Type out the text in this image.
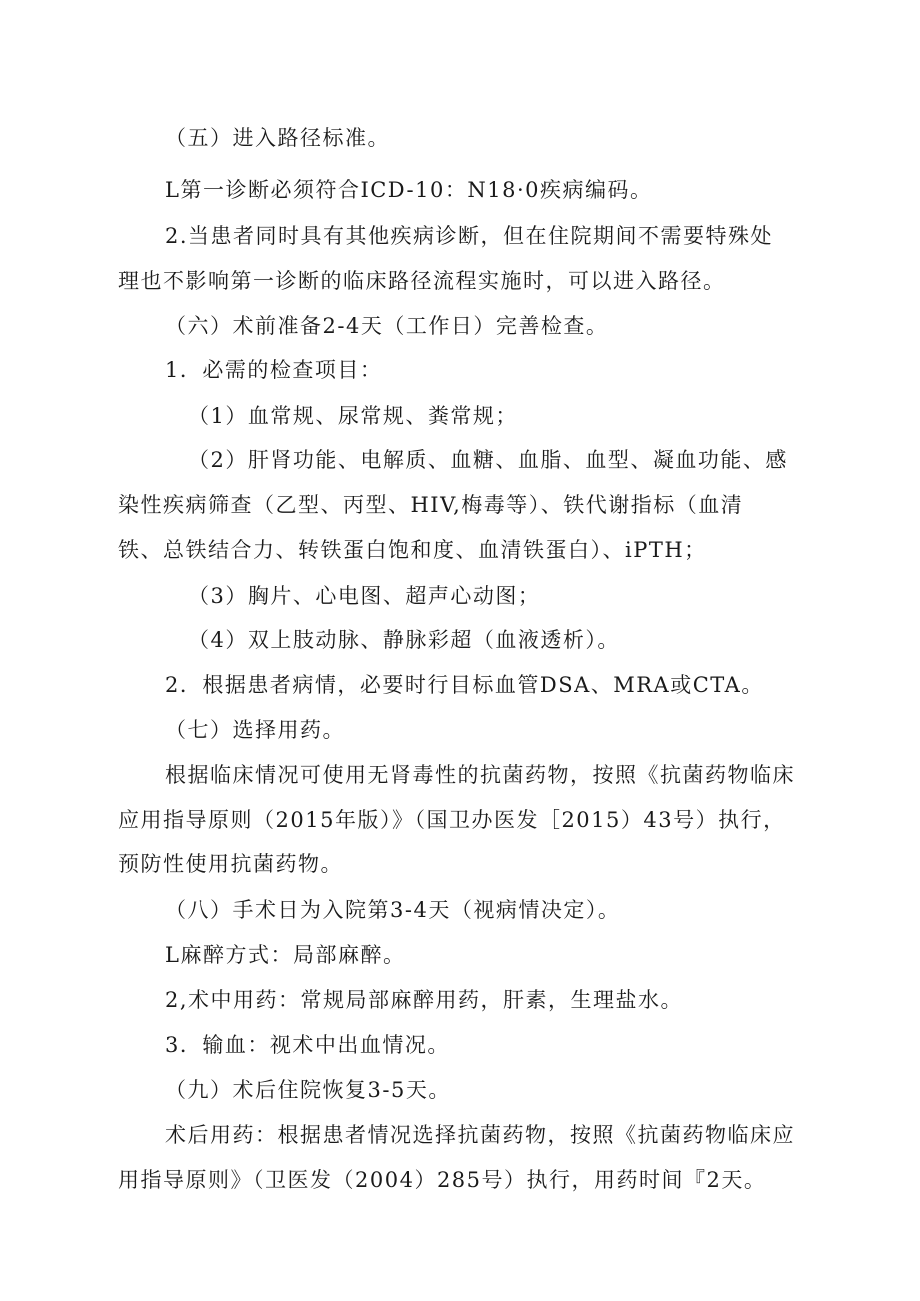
（五）进入路径标准。
L第一诊断必须符合ICD-10：N18·0疾病编码。
2.当患者同时具有其他疾病诊断，但在住院期间不需要特殊处
理也不影响第一诊断的临床路径流程实施时，可以进入路径。
（六）术前准备2-4天（工作日）完善检查。
1．必需的检查项目：
（1）血常规、尿常规、粪常规；
（2）肝肾功能、电解质、血糖、血脂、血型、凝血功能、感
染性疾病筛查（乙型、丙型、HIV,梅毒等）、铁代谢指标（血清
铁、总铁结合力、转铁蛋白饱和度、血清铁蛋白）、iPTH；
（3）胸片、心电图、超声心动图；
（4）双上肢动脉、静脉彩超（血液透析）。
2．根据患者病情，必要时行目标血管DSA、MRA或CTA。
（七）选择用药。
根据临床情况可使用无肾毒性的抗菌药物，按照《抗菌药物临床
应用指导原则（2015年版）》（国卫办医发［2015）43号）执行，
预防性使用抗菌药物。
（八）手术日为入院第3-4天（视病情决定）。
L麻醉方式：局部麻醉。
2,术中用药：常规局部麻醉用药，肝素，生理盐水。
3．输血：视术中出血情况。
（九）术后住院恢复3-5天。
术后用药：根据患者情况选择抗菌药物，按照《抗菌药物临床应
用指导原则》（卫医发（2004）285号）执行，用药时间『2天。
